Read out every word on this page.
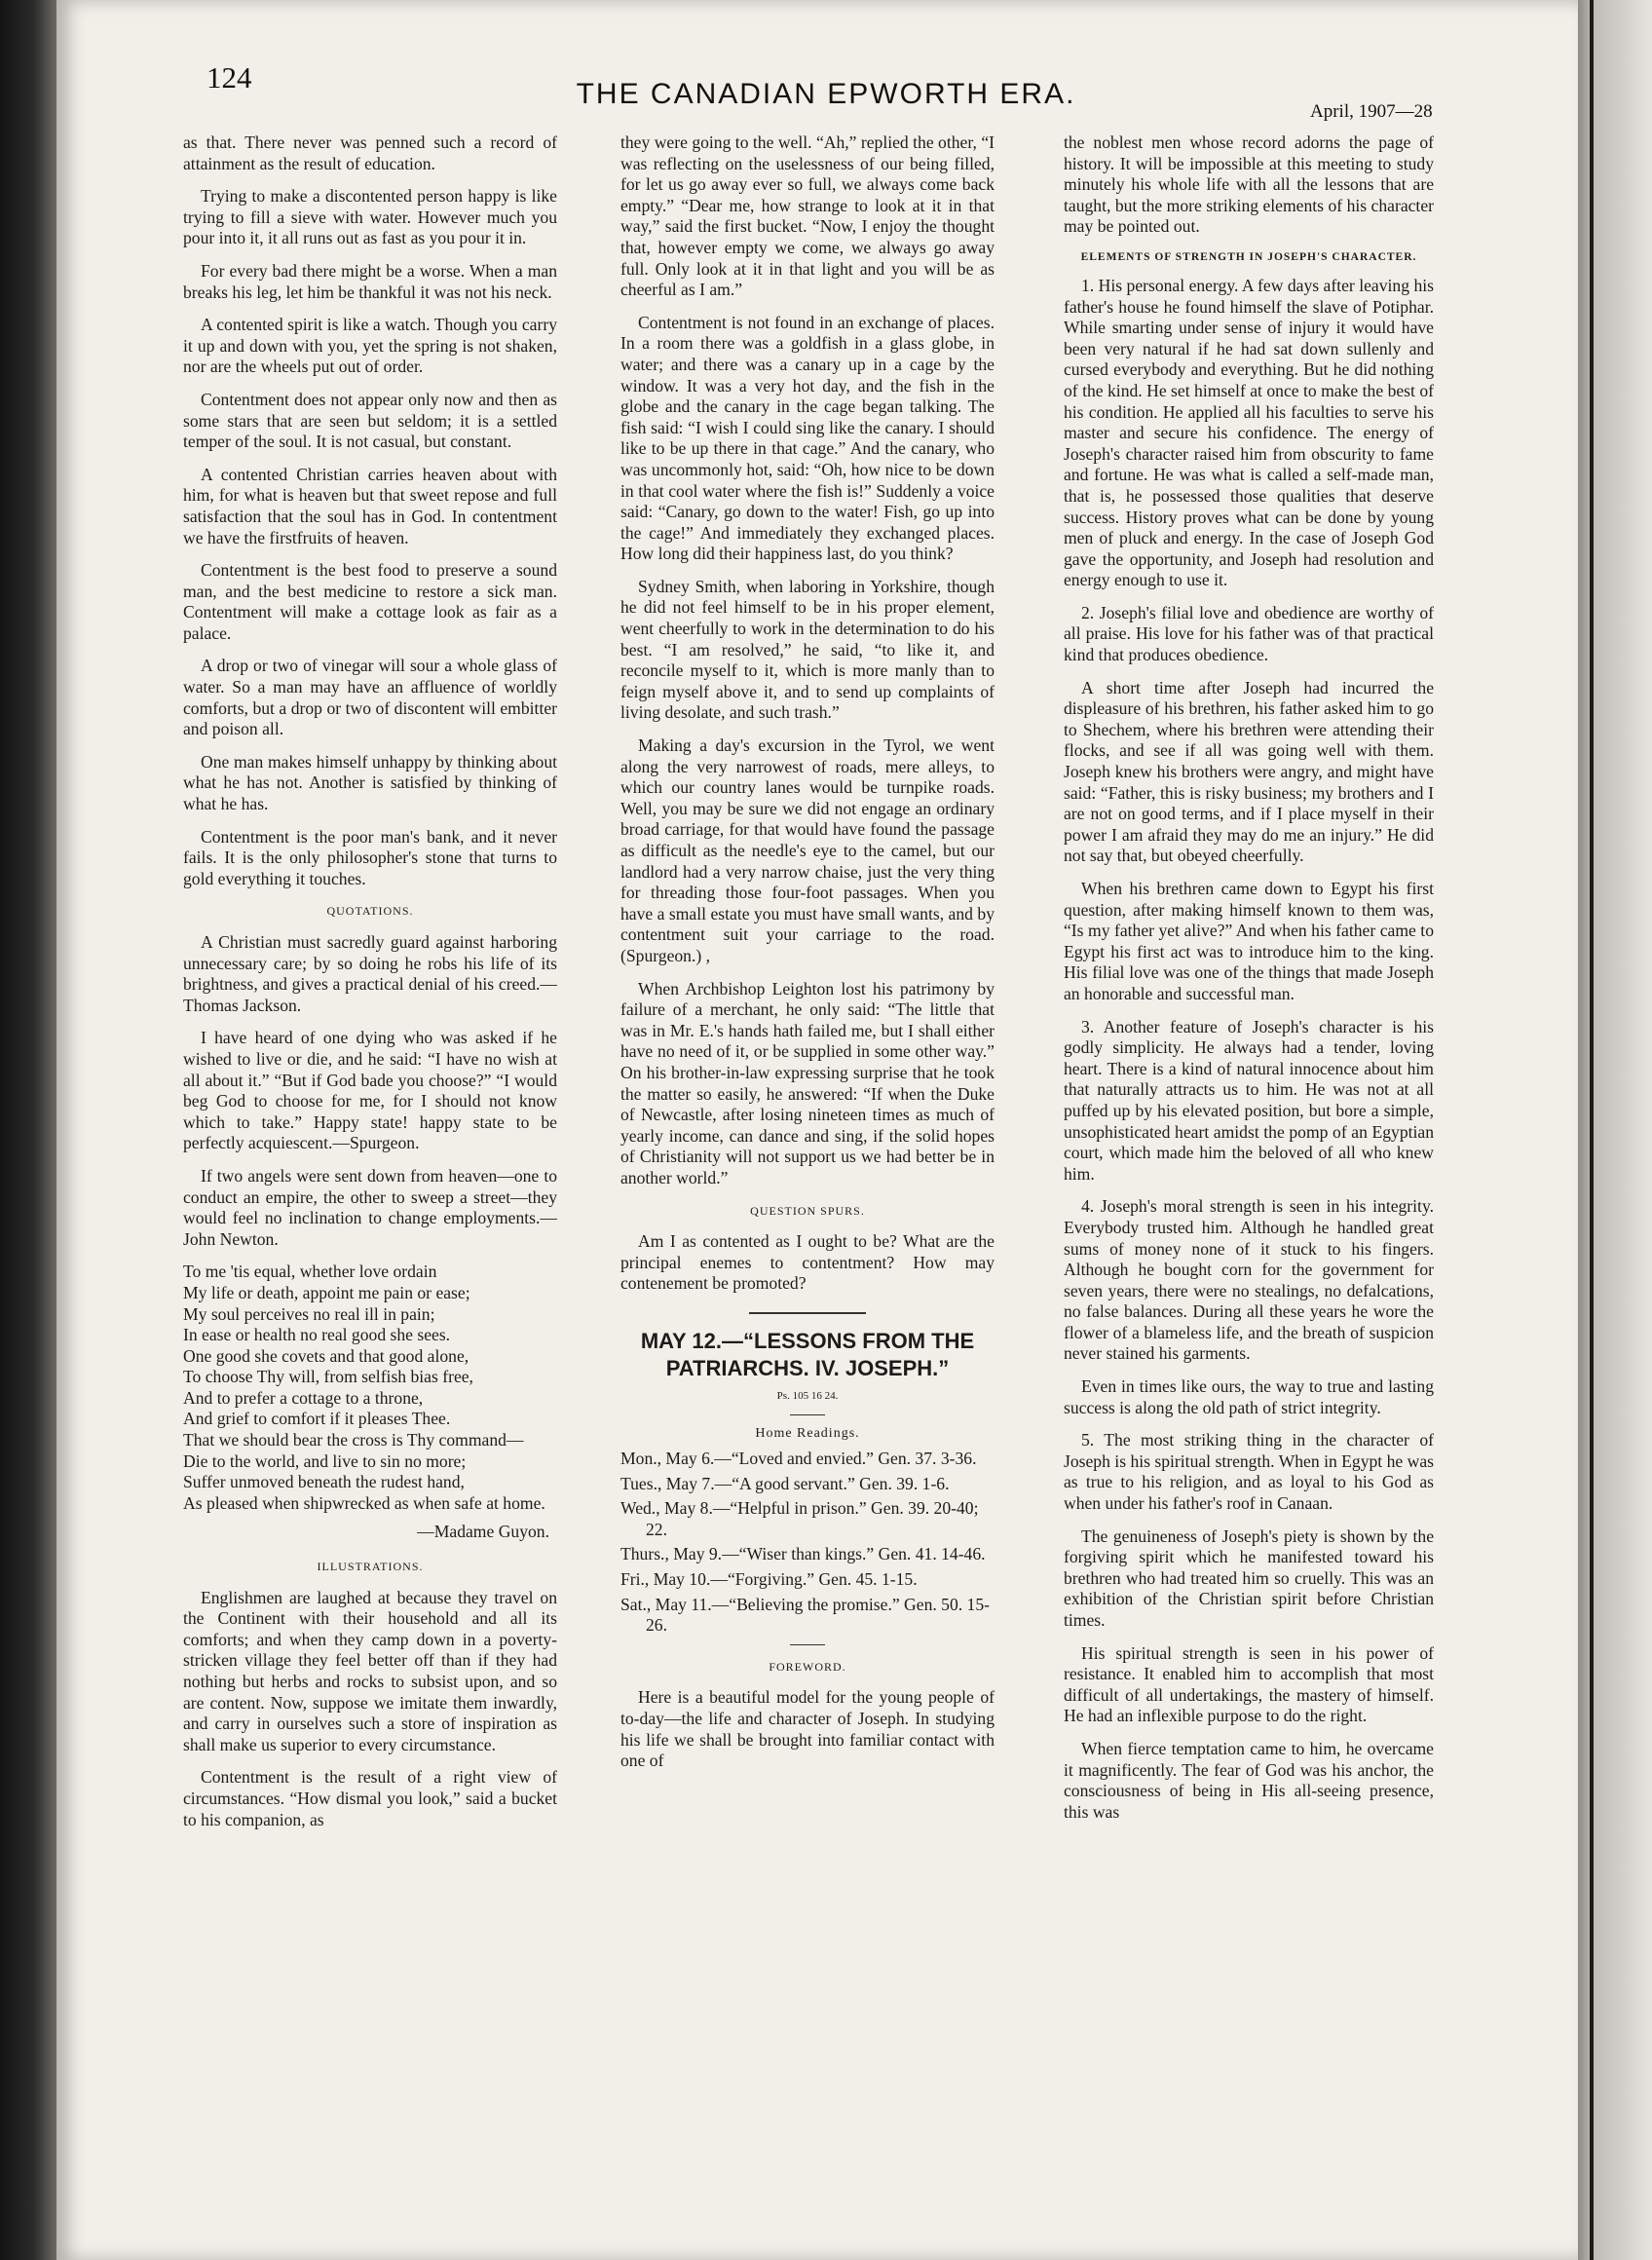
124	THE CANADIAN EPWORTH ERA.
April, 1907—28

as that. There never was penned such a record of attainment as the result of education.

Trying to make a discontented person happy is like trying to fill a sieve with water. However much you pour into it, it all runs out as fast as you pour it in.

For every bad there might be a worse. When a man breaks his leg, let him be thankful it was not his neck.

A contented spirit is like a watch. Though you carry it up and down with you, yet the spring is not shaken, nor are the wheels put out of order.

Contentment does not appear only now and then as some stars that are seen but seldom; it is a settled temper of the soul. It is not casual, but constant.

A contented Christian carries heaven about with him, for what is heaven but that sweet repose and full satisfaction that the soul has in God. In contentment we have the firstfruits of heaven.

Contentment is the best food to preserve a sound man, and the best medicine to restore a sick man. Contentment will make a cottage look as fair as a palace.

A drop or two of vinegar will sour a whole glass of water. So a man may have an affluence of worldly comforts, but a drop or two of discontent will embitter and poison all.

One man makes himself unhappy by thinking about what he has not. Another is satisfied by thinking of what he has.

Contentment is the poor man's bank, and it never fails. It is the only philosopher's stone that turns to gold everything it touches.

QUOTATIONS.

A Christian must sacredly guard against harboring unnecessary care; by so doing he robs his life of its brightness, and gives a practical denial of his creed.—Thomas Jackson.

I have heard of one dying who was asked if he wished to live or die, and he said: “I have no wish at all about it.” “But if God bade you choose?” “I would beg God to choose for me, for I should not know which to take.” Happy state! happy state to be perfectly acquiescent.—Spurgeon.

If two angels were sent down from heaven—one to conduct an empire, the other to sweep a street—they would feel no inclination to change employments.—John Newton.

To me 'tis equal, whether love ordain
My life or death, appoint me pain or ease;
My soul perceives no real ill in pain;
In ease or health no real good she sees.
One good she covets and that good alone,
To choose Thy will, from selfish bias free,
And to prefer a cottage to a throne,
And grief to comfort if it pleases Thee.
That we should bear the cross is Thy command—
Die to the world, and live to sin no more;
Suffer unmoved beneath the rudest hand,
As pleased when shipwrecked as when safe at home.
—Madame Guyon.
ILLUSTRATIONS.

Englishmen are laughed at because they travel on the Continent with their household and all its comforts; and when they camp down in a poverty-stricken village they feel better off than if they had nothing but herbs and rocks to subsist upon, and so are content. Now, suppose we imitate them inwardly, and carry in ourselves such a store of inspiration as shall make us superior to every circumstance.

Contentment is the result of a right view of circumstances. “How dismal you look,” said a bucket to his companion, as

they were going to the well. “Ah,” replied the other, “I was reflecting on the uselessness of our being filled, for let us go away ever so full, we always come back empty.” “Dear me, how strange to look at it in that way,” said the first bucket. “Now, I enjoy the thought that, however empty we come, we always go away full. Only look at it in that light and you will be as cheerful as I am.”

Contentment is not found in an exchange of places. In a room there was a goldfish in a glass globe, in water; and there was a canary up in a cage by the window. It was a very hot day, and the fish in the globe and the canary in the cage began talking. The fish said: “I wish I could sing like the canary. I should like to be up there in that cage.” And the canary, who was uncommonly hot, said: “Oh, how nice to be down in that cool water where the fish is!” Suddenly a voice said: “Canary, go down to the water! Fish, go up into the cage!” And immediately they exchanged places. How long did their happiness last, do you think?

Sydney Smith, when laboring in Yorkshire, though he did not feel himself to be in his proper element, went cheerfully to work in the determination to do his best. “I am resolved,” he said, “to like it, and reconcile myself to it, which is more manly than to feign myself above it, and to send up complaints of living desolate, and such trash.”

Making a day's excursion in the Tyrol, we went along the very narrowest of roads, mere alleys, to which our country lanes would be turnpike roads. Well, you may be sure we did not engage an ordinary broad carriage, for that would have found the passage as difficult as the needle's eye to the camel, but our landlord had a very narrow chaise, just the very thing for threading those four-foot passages. When you have a small estate you must have small wants, and by contentment suit your carriage to the road. (Spurgeon.) ,

When Archbishop Leighton lost his patrimony by failure of a merchant, he only said: “The little that was in Mr. E.'s hands hath failed me, but I shall either have no need of it, or be supplied in some other way.” On his brother-in-law expressing surprise that he took the matter so easily, he answered: “If when the Duke of Newcastle, after losing nineteen times as much of yearly income, can dance and sing, if the solid hopes of Christianity will not support us we had better be in another world.”

QUESTION SPURS.

Am I as contented as I ought to be? What are the principal enemes to contentment? How may contenement be promoted?

MAY 12.—“LESSONS FROM THE PATRIARCHS. IV. JOSEPH.”
Ps. 105 16 24.
Home Readings.
Mon., May 6.—“Loved and envied.” Gen. 37. 3-36.
Tues., May 7.—“A good servant.” Gen. 39. 1-6.
Wed., May 8.—“Helpful in prison.” Gen. 39. 20-40; 22.
Thurs., May 9.—“Wiser than kings.” Gen. 41. 14-46.
Fri., May 10.—“Forgiving.” Gen. 45. 1-15.
Sat., May 11.—“Believing the promise.” Gen. 50. 15-26.
FOREWORD.

Here is a beautiful model for the young people of to-day—the life and character of Joseph. In studying his life we shall be brought into familiar contact with one of

the noblest men whose record adorns the page of history. It will be impossible at this meeting to study minutely his whole life with all the lessons that are taught, but the more striking elements of his character may be pointed out.

ELEMENTS OF STRENGTH IN JOSEPH'S CHARACTER.

1. His personal energy. A few days after leaving his father's house he found himself the slave of Potiphar. While smarting under sense of injury it would have been very natural if he had sat down sullenly and cursed everybody and everything. But he did nothing of the kind. He set himself at once to make the best of his condition. He applied all his faculties to serve his master and secure his confidence. The energy of Joseph's character raised him from obscurity to fame and fortune. He was what is called a self-made man, that is, he possessed those qualities that deserve success. History proves what can be done by young men of pluck and energy. In the case of Joseph God gave the opportunity, and Joseph had resolution and energy enough to use it.

2. Joseph's filial love and obedience are worthy of all praise. His love for his father was of that practical kind that produces obedience.

A short time after Joseph had incurred the displeasure of his brethren, his father asked him to go to Shechem, where his brethren were attending their flocks, and see if all was going well with them. Joseph knew his brothers were angry, and might have said: “Father, this is risky business; my brothers and I are not on good terms, and if I place myself in their power I am afraid they may do me an injury.” He did not say that, but obeyed cheerfully.

When his brethren came down to Egypt his first question, after making himself known to them was, “Is my father yet alive?” And when his father came to Egypt his first act was to introduce him to the king. His filial love was one of the things that made Joseph an honorable and successful man.

3. Another feature of Joseph's character is his godly simplicity. He always had a tender, loving heart. There is a kind of natural innocence about him that naturally attracts us to him. He was not at all puffed up by his elevated position, but bore a simple, unsophisticated heart amidst the pomp of an Egyptian court, which made him the beloved of all who knew him.

4. Joseph's moral strength is seen in his integrity. Everybody trusted him. Although he handled great sums of money none of it stuck to his fingers. Although he bought corn for the government for seven years, there were no stealings, no defalcations, no false balances. During all these years he wore the flower of a blameless life, and the breath of suspicion never stained his garments.

Even in times like ours, the way to true and lasting success is along the old path of strict integrity.

5. The most striking thing in the character of Joseph is his spiritual strength. When in Egypt he was as true to his religion, and as loyal to his God as when under his father's roof in Canaan.

The genuineness of Joseph's piety is shown by the forgiving spirit which he manifested toward his brethren who had treated him so cruelly. This was an exhibition of the Christian spirit before Christian times.

His spiritual strength is seen in his power of resistance. It enabled him to accomplish that most difficult of all undertakings, the mastery of himself. He had an inflexible purpose to do the right.

When fierce temptation came to him, he overcame it magnificently. The fear of God was his anchor, the consciousness of being in His all-seeing presence, this was
